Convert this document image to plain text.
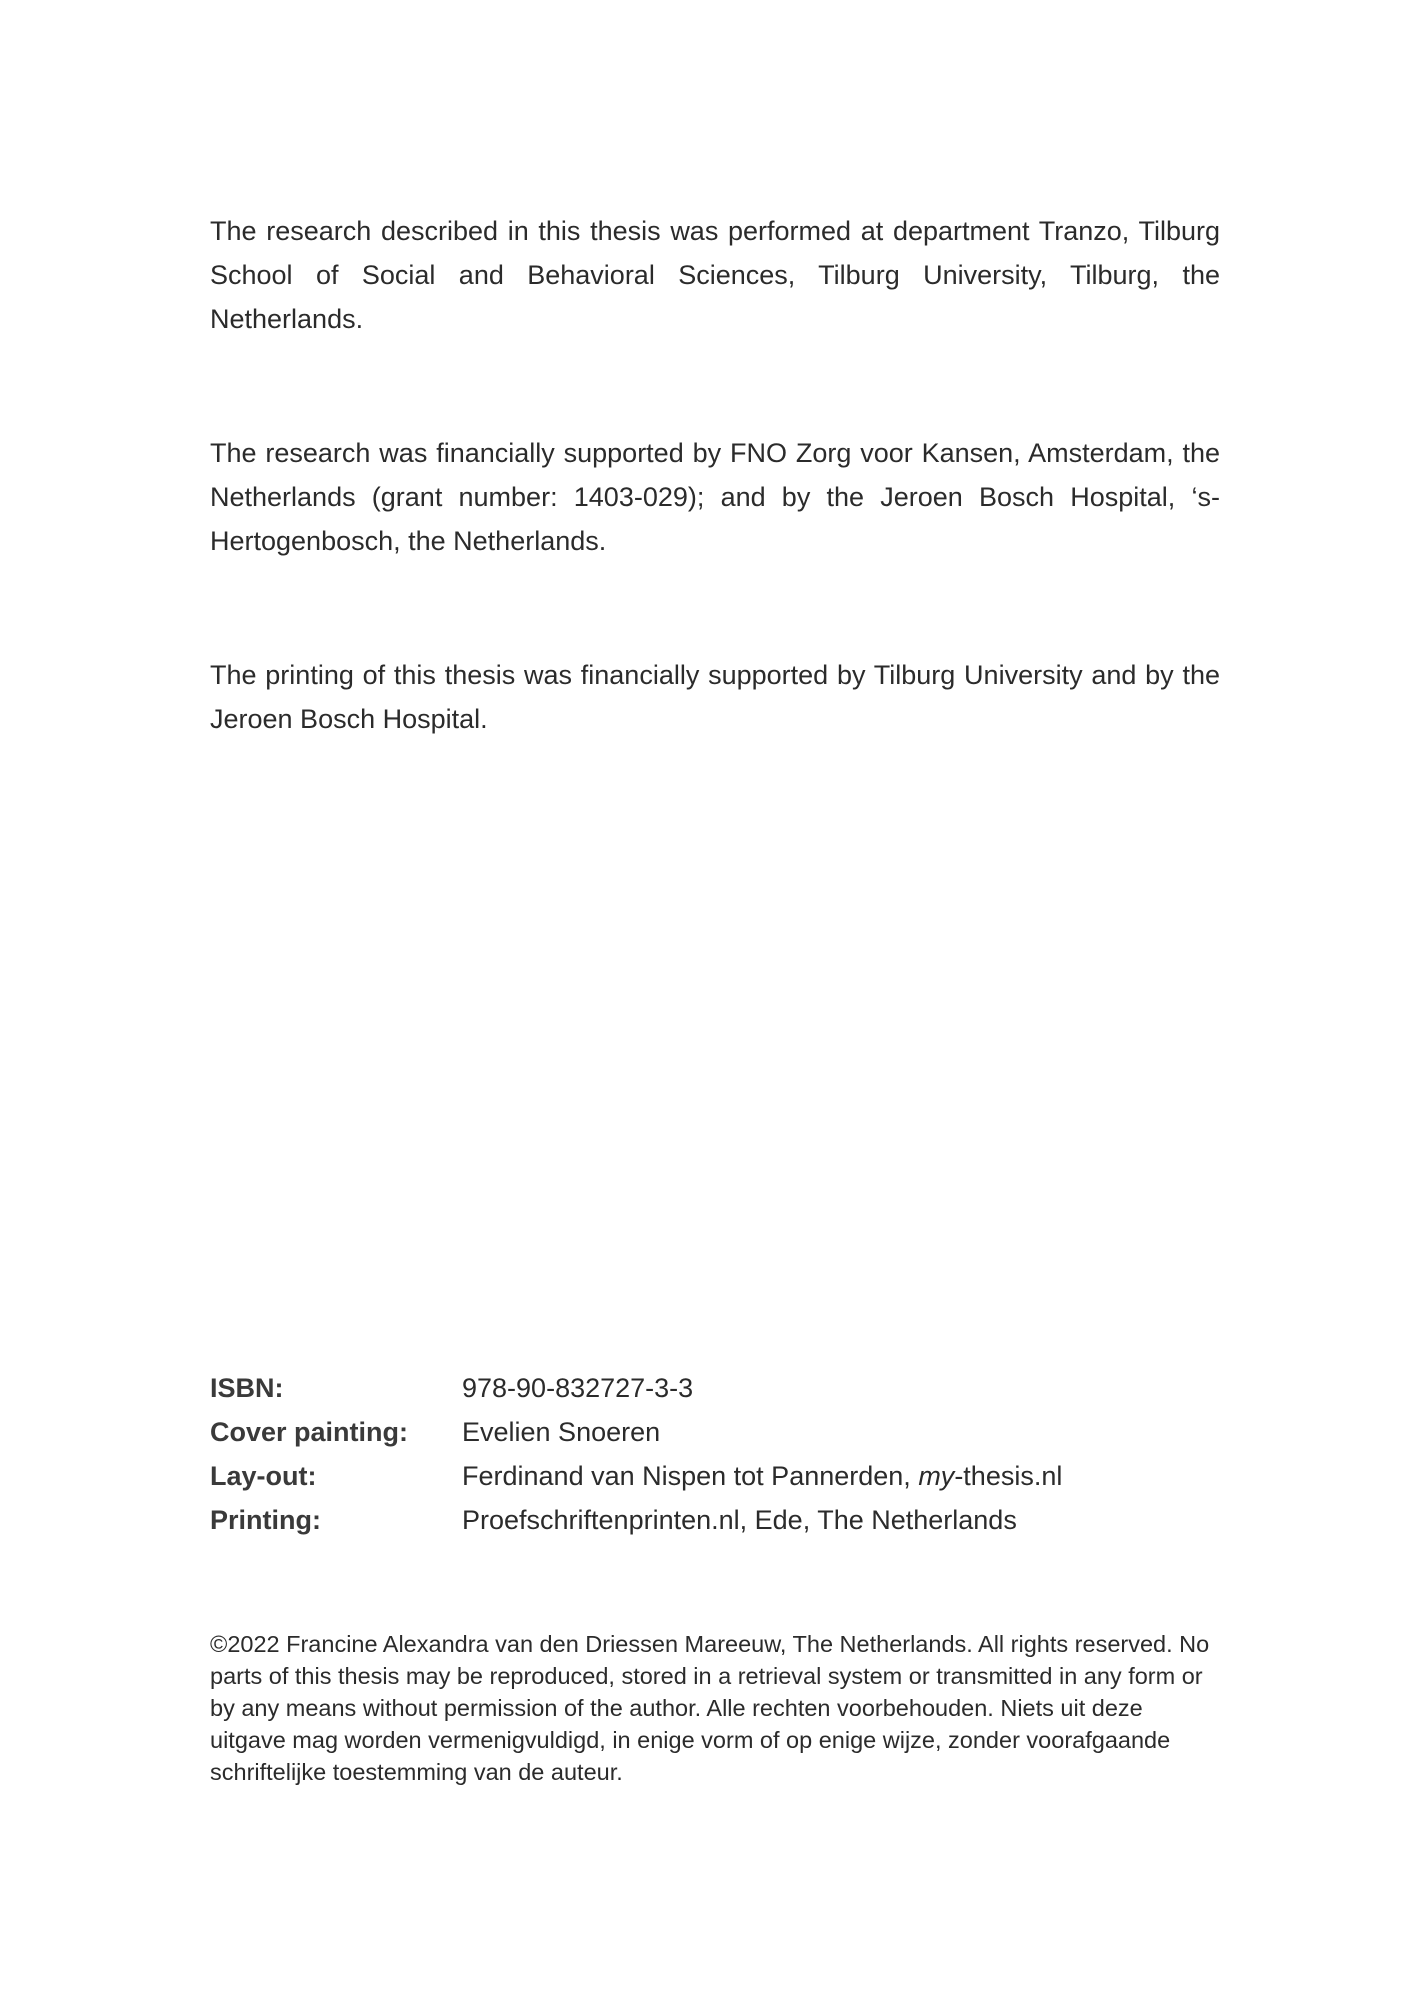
The research described in this thesis was performed at department Tranzo, Tilburg School of Social and Behavioral Sciences, Tilburg University, Tilburg, the Netherlands.

The research was financially supported by FNO Zorg voor Kansen, Amsterdam, the Netherlands (grant number: 1403-029); and by the Jeroen Bosch Hospital, ‘s-Hertogenbosch, the Netherlands.

The printing of this thesis was financially supported by Tilburg University and by the Jeroen Bosch Hospital.

ISBN:	978-90-832727-3-3
Cover painting:	Evelien Snoeren
Lay-out:	Ferdinand van Nispen tot Pannerden, my-thesis.nl
Printing:	Proefschriftenprinten.nl, Ede, The Netherlands

©2022 Francine Alexandra van den Driessen Mareeuw, The Netherlands. All rights reserved. No parts of this thesis may be reproduced, stored in a retrieval system or transmitted in any form or by any means without permission of the author. Alle rechten voorbehouden. Niets uit deze uitgave mag worden vermenigvuldigd, in enige vorm of op enige wijze, zonder voorafgaande schriftelijke toestemming van de auteur.
